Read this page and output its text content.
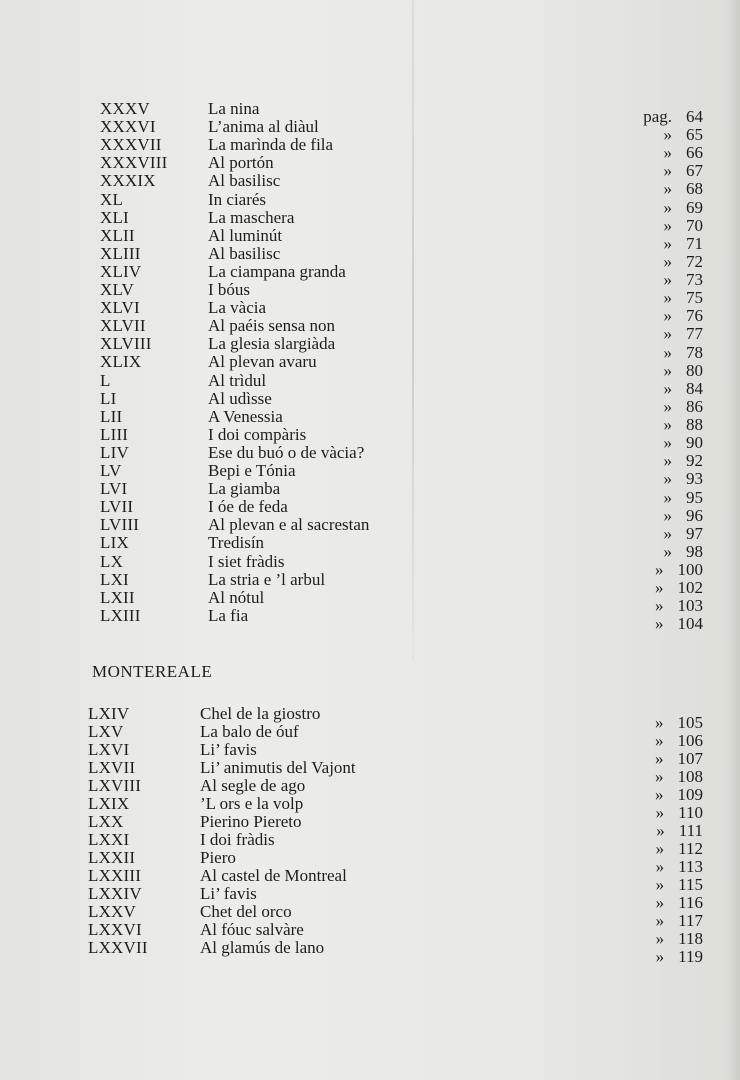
XXXV	La nina	pag. 64
XXXVI	L’anima al diàul	» 65
XXXVII	La marìnda de fila	» 66
XXXVIII Al portón	» 67
XXXIX	Al basilisc	» 68
XL	In ciarés	» 69
XLI	La maschera	» 70
XLII	Al luminút	» 71
XLIII	Al basilisc	» 72
XLIV	La ciampana granda	» 73
XLV	I bóus	» 75
XLVI	La vàcia	» 76
XLVII	Al paéis sensa non	» 77
XLVIII	La glesia slargiàda	» 78
XLIX	Al plevan avaru	» 80
L	Al trìdul	» 84
LI	Al udìsse	» 86
LII	A Venessia	» 88
LIII	I doi compàris	» 90
LIV	Ese du buó o de vàcia?	» 92
LV	Bepi e Tónia	» 93
LVI	La giamba	» 95
LVII	I óe de feda	» 96
LVIII	Al plevan e al sacrestan	» 97
LIX	Tredisín	» 98
LX	I siet fràdis	» 100
LXI	La stria e ’l arbul	» 102
LXII	Al nótul	» 103
LXIII	La fia	» 104
MONTEREALE
LXIV	Chel de la giostro	» 105
LXV	La balo de óuf	» 106
LXVI	Li’ favis	» 107
LXVII	Li’ animutis del Vajont	» 108
LXVIII	Al segle de ago	» 109
LXIX	’L ors e la volp	» 110
LXX	Pierino Piereto	» 111
LXXI	I doi fràdis	» 112
LXXII	Piero	» 113
LXXIII	Al castel de Montreal	» 115
LXXIV	Li’ favis	» 116
LXXV	Chet del orco	» 117
LXXVI	Al fóuc salvàre	» 118
LXXVII	Al glamús de lano	» 119
